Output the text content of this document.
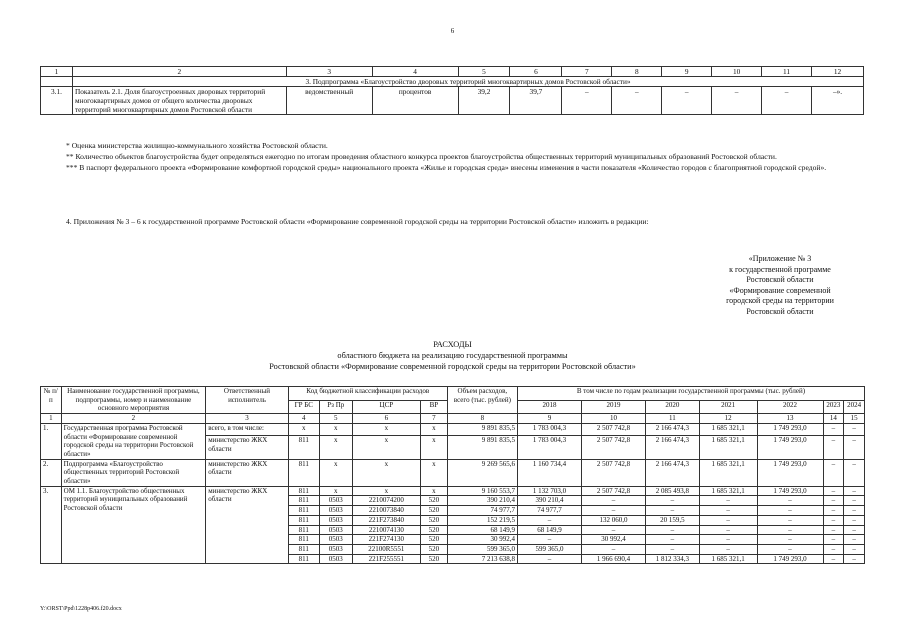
6
1	2	3	4	5	6	7	8	9	10	11	12
	3. Подпрограмма «Благоустройство дворовых территорий многоквартирных домов Ростовской области»										
3.1.	Показатель 2.1. Доля благоустроенных дворовых территорий многоквартирных домов от общего количества дворовых территорий многоквартирных домов Ростовской области	ведомственный	процентов	39,2	39,7	–	–	–	–	–	–».

* Оценка министерства жилищно-коммунального хозяйства Ростовской области.

** Количество объектов благоустройства будет определяться ежегодно по итогам проведения областного конкурса проектов благоустройства общественных территорий муниципальных образований Ростовской области.

*** В паспорт федерального проекта «Формирование комфортной городской среды» национального проекта «Жилье и городская среда» внесены изменения в части показателя «Количество городов с благоприятной городской средой».

4. Приложения № 3 – 6 к государственной программе Ростовской области «Формирование современной городской среды на территории Ростовской области» изложить в редакции:

«Приложение № 3
к государственной программе
Ростовской области
«Формирование современной
городской среды на территории
Ростовской области
РАСХОДЫ
областного бюджета на реализацию государственной программы
Ростовской области «Формирование современной городской среды на территории Ростовской области»
№ п/п	Наименование государственной программы, подпрограммы, номер и наименование основного мероприятия	Ответственный исполнитель	Код бюджетной классификации расходов				Объем расходов, всего (тыс. рублей)	В том числе по годам реализации государственной программы (тыс. рублей)						
			ГР БС	Рз Пр	ЦСР	ВР		2018	2019	2020	2021	2022	2023	2024
1	2	3	4	5	6	7	8	9	10	11	12	13	14	15
1.	Государственная программа Ростовской области «Формирование современной городской среды на территории Ростовской области»	всего, в том числе:	x	x	x	x	9 891 835,5	1 783 004,3	2 507 742,8	2 166 474,3	1 685 321,1	1 749 293,0	–	–
		министерство ЖКХ области	811	x	x	x	9 891 835,5	1 783 004,3	2 507 742,8	2 166 474,3	1 685 321,1	1 749 293,0	–	–
2.	Подпрограмма «Благоустройство общественных территорий Ростовской области»	министерство ЖКХ области	811	x	x	x	9 269 565,6	1 160 734,4	2 507 742,8	2 166 474,3	1 685 321,1	1 749 293,0	–	–
3.	ОМ 1.1. Благоустройство общественных территорий муниципальных образований Ростовской области	министерство ЖКХ области	811	x	x	x	9 160 553,7	1 132 703,0	2 507 742,8	2 085 493,8	1 685 321,1	1 749 293,0	–	–
			811	0503	2210074200	520	390 210,4	390 210,4	–	–	–	–	–	–
			811	0503	2210073840	520	74 977,7	74 977,7	–	–	–	–	–	–
			811	0503	221F273840	520	152 219,5	–	132 060,0	20 159,5	–	–	–	–
			811	0503	2210074130	520	68 149,9	68 149,9	–	–	–	–	–	–
			811	0503	221F274130	520	30 992,4	–	30 992,4	–	–	–	–	–
			811	0503	22100R5551	520	599 365,0	599 365,0	–	–	–	–	–	–
			811	0503	221F255551	520	7 213 638,8	–	1 966 690,4	1 812 334,3	1 685 321,1	1 749 293,0	–	–
Y:\ORST\Ppd\1228p406.f20.docx
